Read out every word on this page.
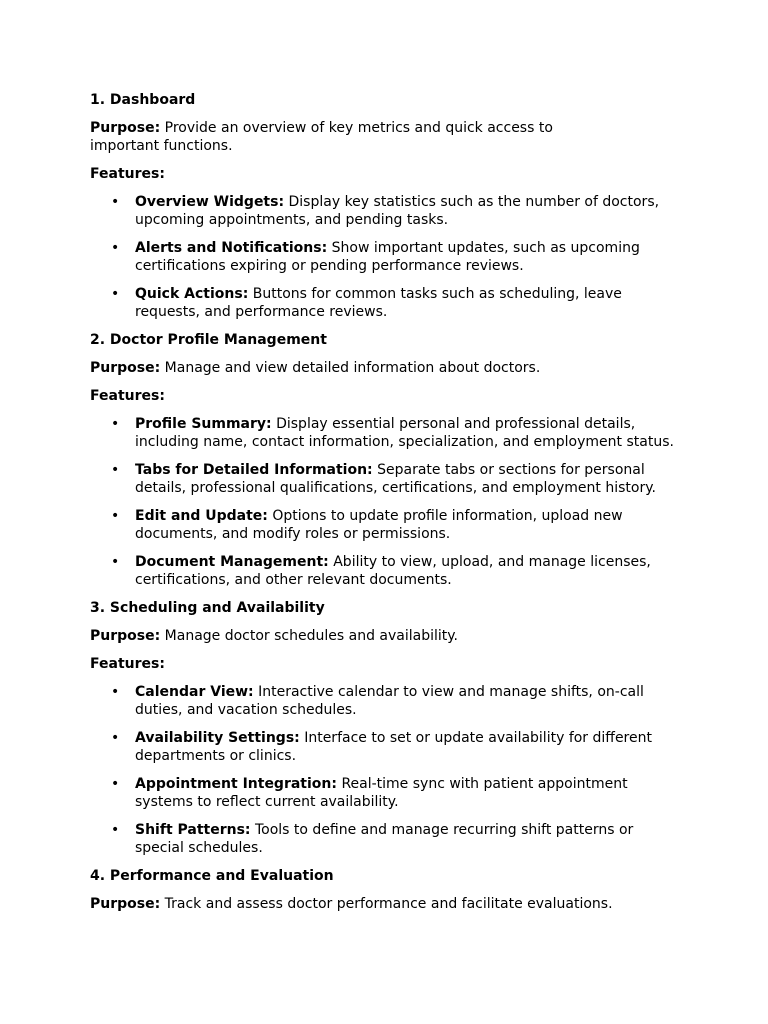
1. Dashboard

Purpose: Provide an overview of key metrics and quick access to important functions.

Features:

• Overview Widgets: Display key statistics such as the number of doctors, upcoming appointments, and pending tasks.
• Alerts and Notifications: Show important updates, such as upcoming certifications expiring or pending performance reviews.
• Quick Actions: Buttons for common tasks such as scheduling, leave requests, and performance reviews.

2. Doctor Profile Management

Purpose: Manage and view detailed information about doctors.

Features:

• Profile Summary: Display essential personal and professional details, including name, contact information, specialization, and employment status.
• Tabs for Detailed Information: Separate tabs or sections for personal details, professional qualifications, certifications, and employment history.
• Edit and Update: Options to update profile information, upload new documents, and modify roles or permissions.
• Document Management: Ability to view, upload, and manage licenses, certifications, and other relevant documents.

3. Scheduling and Availability

Purpose: Manage doctor schedules and availability.

Features:

• Calendar View: Interactive calendar to view and manage shifts, on-call duties, and vacation schedules.
• Availability Settings: Interface to set or update availability for different departments or clinics.
• Appointment Integration: Real-time sync with patient appointment systems to reflect current availability.
• Shift Patterns: Tools to define and manage recurring shift patterns or special schedules.

4. Performance and Evaluation

Purpose: Track and assess doctor performance and facilitate evaluations.
